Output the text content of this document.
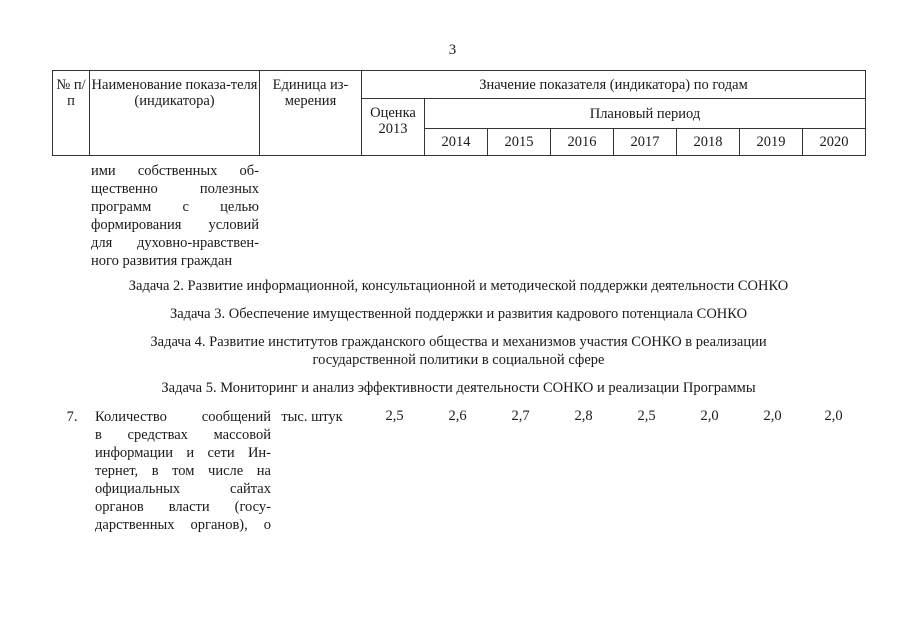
3
№ п/п	Наименование показа-теля (индикатора)	Единица из-мерения	Значение показателя (индикатора) по годам							
			Оценка 2013	Плановый период						
				2014	2015	2016	2017	2018	2019	2020
ими собственных об-
щественно полезных
программ с целью
формирования условий
для духовно-нравствен-
ного развития граждан
Задача 2. Развитие информационной, консультационной и методической поддержки деятельности СОНКО
Задача 3. Обеспечение имущественной поддержки и развития кадрового потенциала СОНКО
Задача 4. Развитие институтов гражданского общества и механизмов участия СОНКО в реализации
государственной политики в социальной сфере
Задача 5. Мониторинг и анализ эффективности деятельности СОНКО и реализации Программы
7.	Количество сообщений
в средствах массовой
информации и сети Ин-
тернет, в том числе на
официальных сайтах
органов власти (госу-
дарственных органов), о
тыс. штук	2,5	2,6	2,7	2,8	2,5	2,0	2,0	2,0
